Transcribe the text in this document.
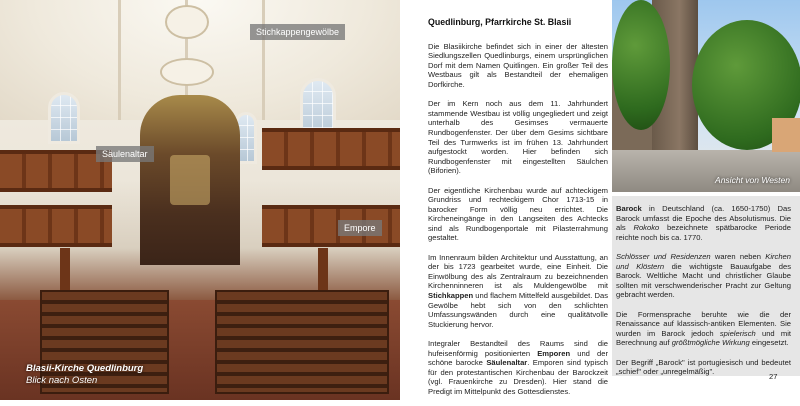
Stichkappengewölbe
Säulenaltar
Empore
Blasii-Kirche Quedlinburg
Blick nach Osten
Quedlinburg, Pfarrkirche St. Blasii

Die Blasiikirche befindet sich in einer der ältesten Siedlungszellen Quedlinburgs, einem ursprünglichen Dorf mit dem Namen Quitlingen. Ein großer Teil des Westbaus gilt als Bestandteil der ehemaligen Dorfkirche.

Der im Kern noch aus dem 11. Jahrhundert stammende Westbau ist völlig ungegliedert und zeigt unterhalb des Gesimses vermauerte Rundbogenfenster. Der über dem Gesims sichtbare Teil des Turmwerks ist im frühen 13. Jahrhundert aufgestockt worden. Hier befinden sich Rundbogenfenster mit eingestellten Säulchen (Biforien).

Der eigentliche Kirchenbau wurde auf achteckigem Grundriss und rechteckigem Chor 1713-15 in barocker Form völlig neu errichtet. Die Kircheneingänge in den Langseiten des Achtecks sind als Rundbogenportale mit Pilasterrahmung gestaltet.

Im Innenraum bilden Architektur und Ausstattung, an der bis 1723 gearbeitet wurde, eine Einheit. Die Einwölbung des als Zentralraum zu bezeichnenden Kirchenninneren ist als Muldengewölbe mit Stichkappen und flachem Mittelfeld ausgebildet. Das Gewölbe hebt sich von den schlichten Umfassungswänden durch eine qualitätvolle Stuckierung hervor.

Integraler Bestandteil des Raums sind die hufeisenförmig positionierten Emporen und der schöne barocke Säulenaltar. Emporen sind typisch für den protestantischen Kirchenbau der Barockzeit (vgl. Frauenkirche zu Dresden). Hier stand die Predigt im Mittelpunkt des Gottesdienstes.

Ansicht von Westen

Barock in Deutschland (ca. 1650-1750) Das Barock umfasst die Epoche des Absolutismus. Die als Rokoko bezeichnete spätbarocke Periode reichte noch bis ca. 1770.

Schlösser und Residenzen waren neben Kirchen und Klöstern die wichtigste Bauaufgabe des Barock. Weltliche Macht und christlicher Glaube sollten mit verschwenderischer Pracht zur Geltung gebracht werden.

Die Formensprache beruhte wie die der Renaissance auf klassisch-antiken Elementen. Sie wurden im Barock jedoch spielerisch und mit Berechnung auf größtmögliche Wirkung eingesetzt.

Der Begriff „Barock" ist portugiesisch und bedeutet „schief" oder „unregelmäßig".

27
